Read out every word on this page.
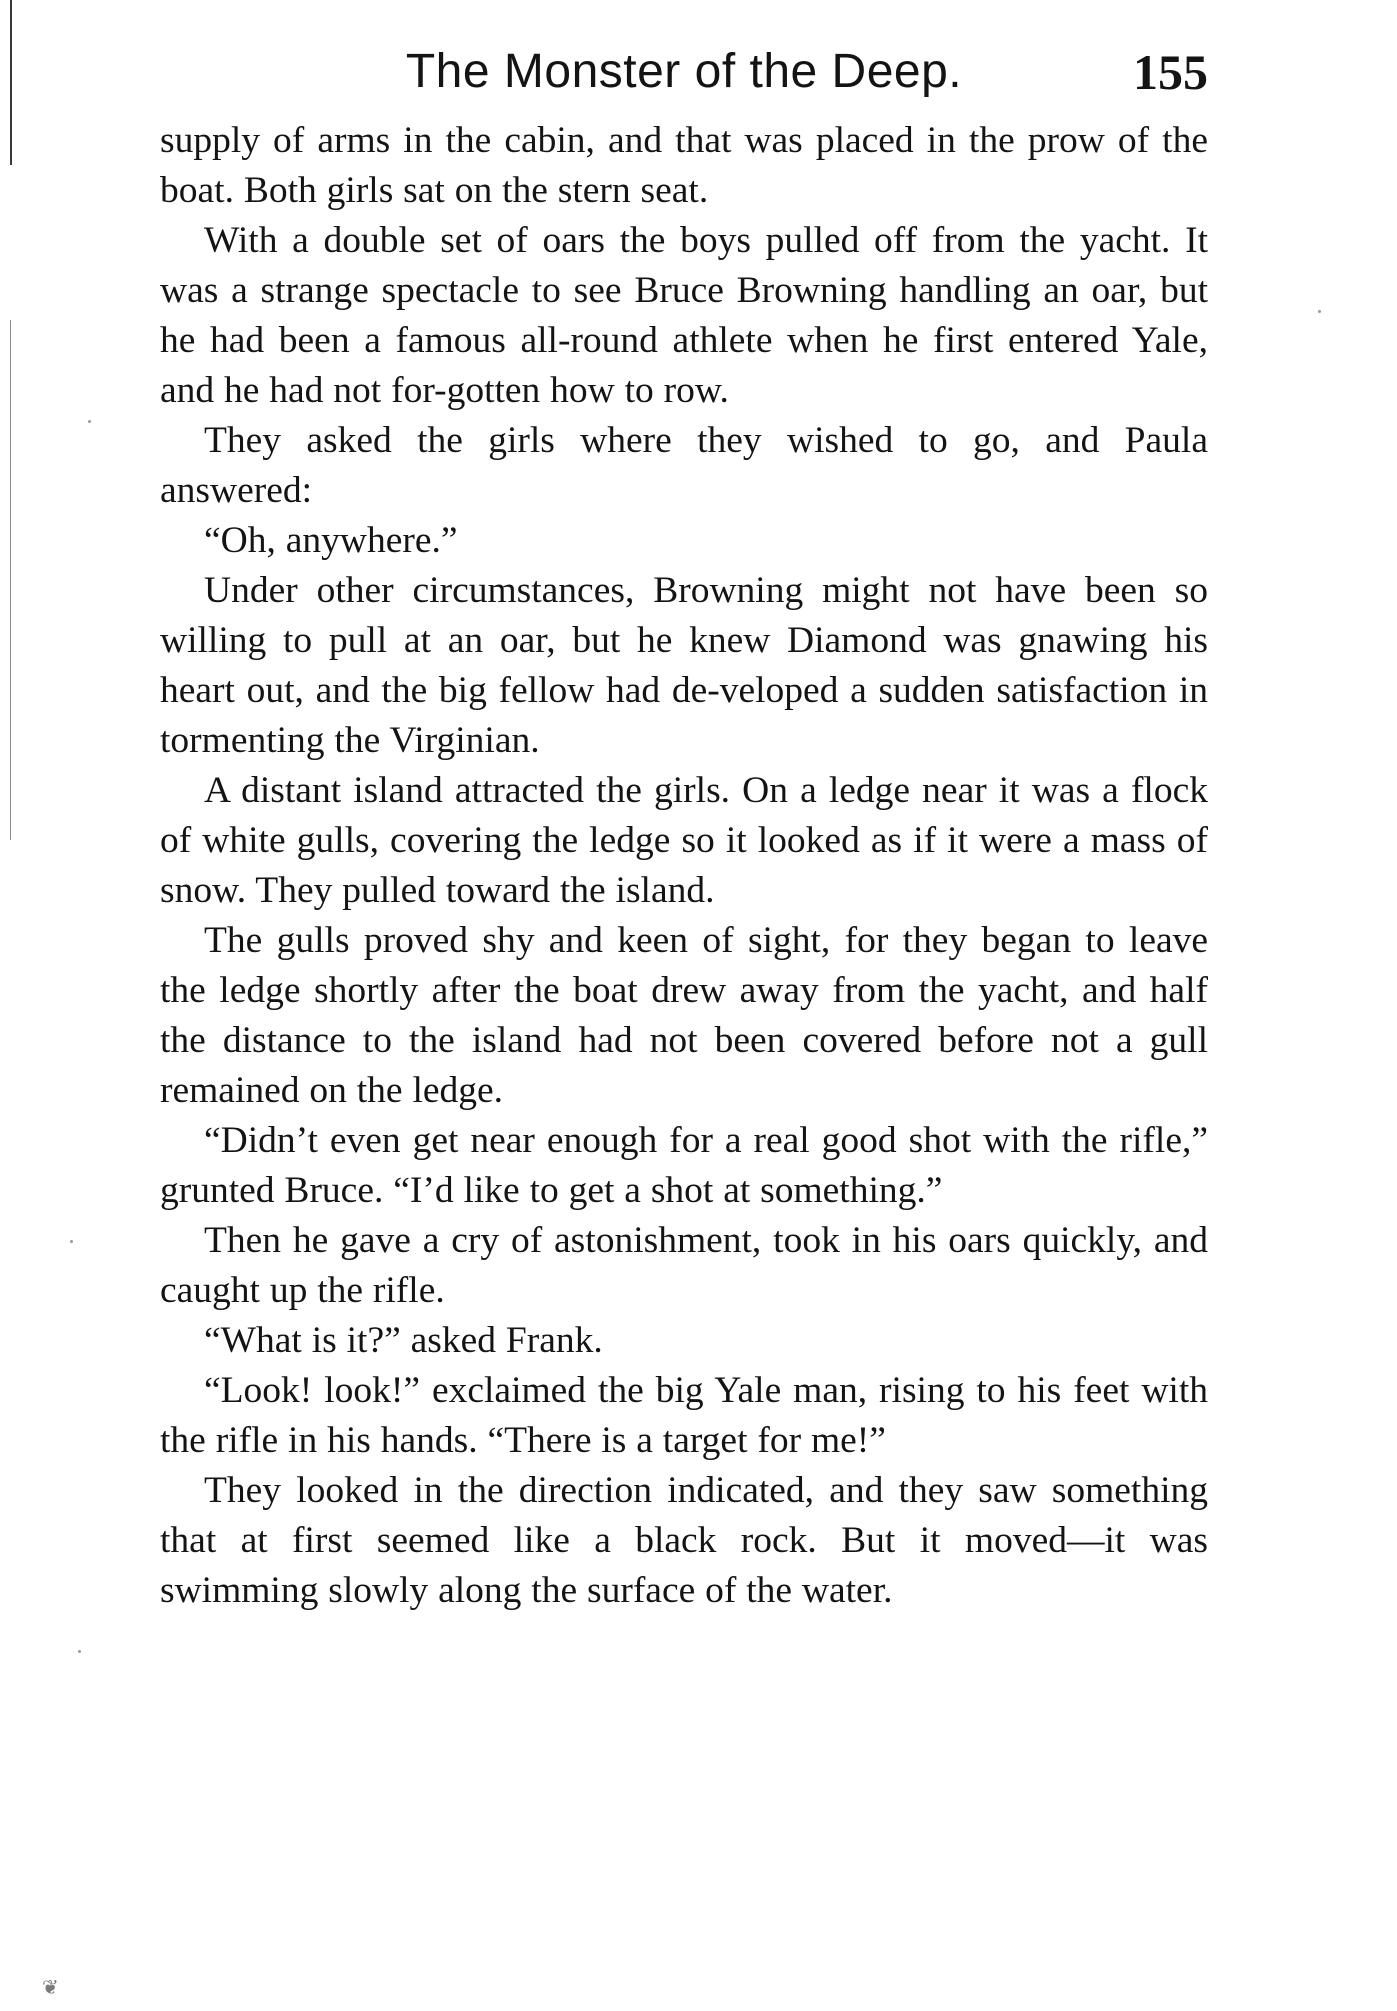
❦
The Monster of the Deep.	155

supply of arms in the cabin, and that was placed in the prow of the boat. Both girls sat on the stern seat.

With a double set of oars the boys pulled off from the yacht. It was a strange spectacle to see Bruce Browning handling an oar, but he had been a famous all-round athlete when he first entered Yale, and he had not for-gotten how to row.

They asked the girls where they wished to go, and Paula answered:

“Oh, anywhere.”

Under other circumstances, Browning might not have been so willing to pull at an oar, but he knew Diamond was gnawing his heart out, and the big fellow had de-veloped a sudden satisfaction in tormenting the Virginian.

A distant island attracted the girls. On a ledge near it was a flock of white gulls, covering the ledge so it looked as if it were a mass of snow. They pulled toward the island.

The gulls proved shy and keen of sight, for they began to leave the ledge shortly after the boat drew away from the yacht, and half the distance to the island had not been covered before not a gull remained on the ledge.

“Didn’t even get near enough for a real good shot with the rifle,” grunted Bruce. “I’d like to get a shot at something.”

Then he gave a cry of astonishment, took in his oars quickly, and caught up the rifle.

“What is it?” asked Frank.

“Look! look!” exclaimed the big Yale man, rising to his feet with the rifle in his hands. “There is a target for me!”

They looked in the direction indicated, and they saw something that at first seemed like a black rock. But it moved—it was swimming slowly along the surface of the water.
